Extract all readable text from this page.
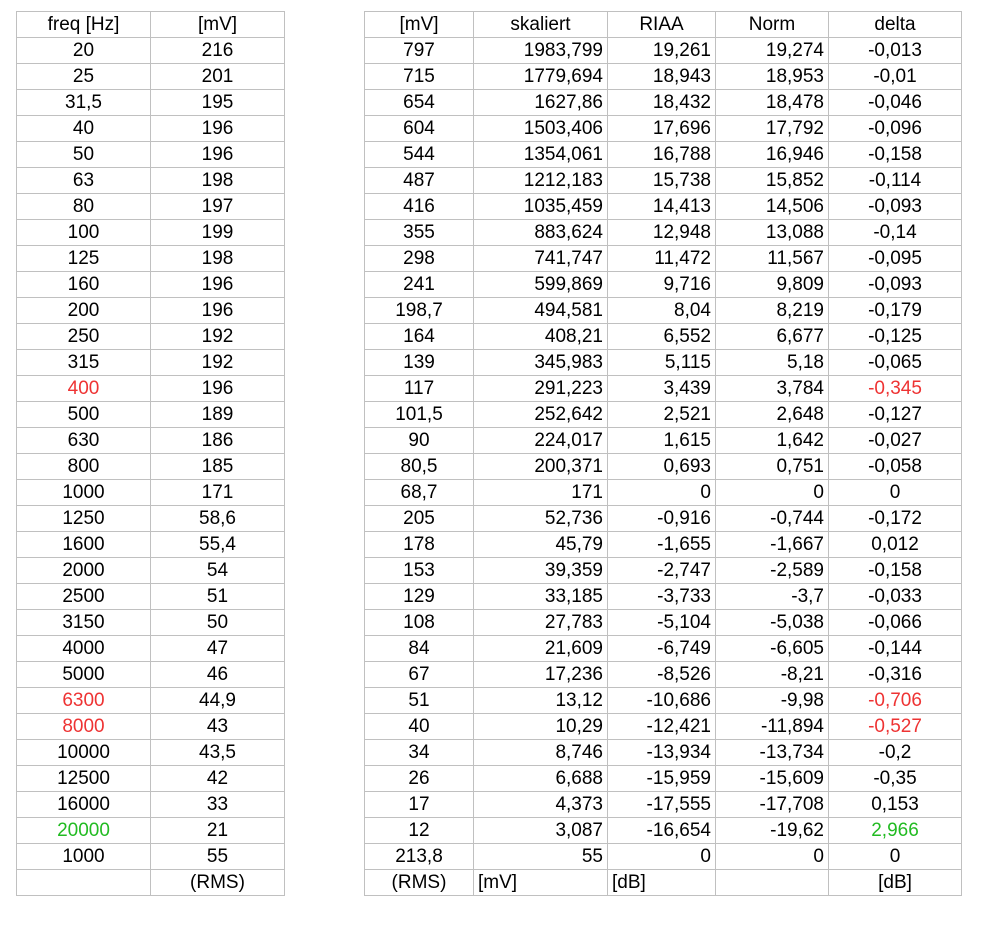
freq [Hz]	[mV]
20	216
25	201
31,5	195
40	196
50	196
63	198
80	197
100	199
125	198
160	196
200	196
250	192
315	192
400	196
500	189
630	186
800	185
1000	171
1250	58,6
1600	55,4
2000	54
2500	51
3150	50
4000	47
5000	46
6300	44,9
8000	43
10000	43,5
12500	42
16000	33
20000	21
1000	55
	(RMS)
[mV]	skaliert	RIAA	Norm	delta
797	1983,799	19,261	19,274	-0,013
715	1779,694	18,943	18,953	-0,01
654	1627,86	18,432	18,478	-0,046
604	1503,406	17,696	17,792	-0,096
544	1354,061	16,788	16,946	-0,158
487	1212,183	15,738	15,852	-0,114
416	1035,459	14,413	14,506	-0,093
355	883,624	12,948	13,088	-0,14
298	741,747	11,472	11,567	-0,095
241	599,869	9,716	9,809	-0,093
198,7	494,581	8,04	8,219	-0,179
164	408,21	6,552	6,677	-0,125
139	345,983	5,115	5,18	-0,065
117	291,223	3,439	3,784	-0,345
101,5	252,642	2,521	2,648	-0,127
90	224,017	1,615	1,642	-0,027
80,5	200,371	0,693	0,751	-0,058
68,7	171	0	0	0
205	52,736	-0,916	-0,744	-0,172
178	45,79	-1,655	-1,667	0,012
153	39,359	-2,747	-2,589	-0,158
129	33,185	-3,733	-3,7	-0,033
108	27,783	-5,104	-5,038	-0,066
84	21,609	-6,749	-6,605	-0,144
67	17,236	-8,526	-8,21	-0,316
51	13,12	-10,686	-9,98	-0,706
40	10,29	-12,421	-11,894	-0,527
34	8,746	-13,934	-13,734	-0,2
26	6,688	-15,959	-15,609	-0,35
17	4,373	-17,555	-17,708	0,153
12	3,087	-16,654	-19,62	2,966
213,8	55	0	0	0
(RMS)	[mV]	[dB]		[dB]
